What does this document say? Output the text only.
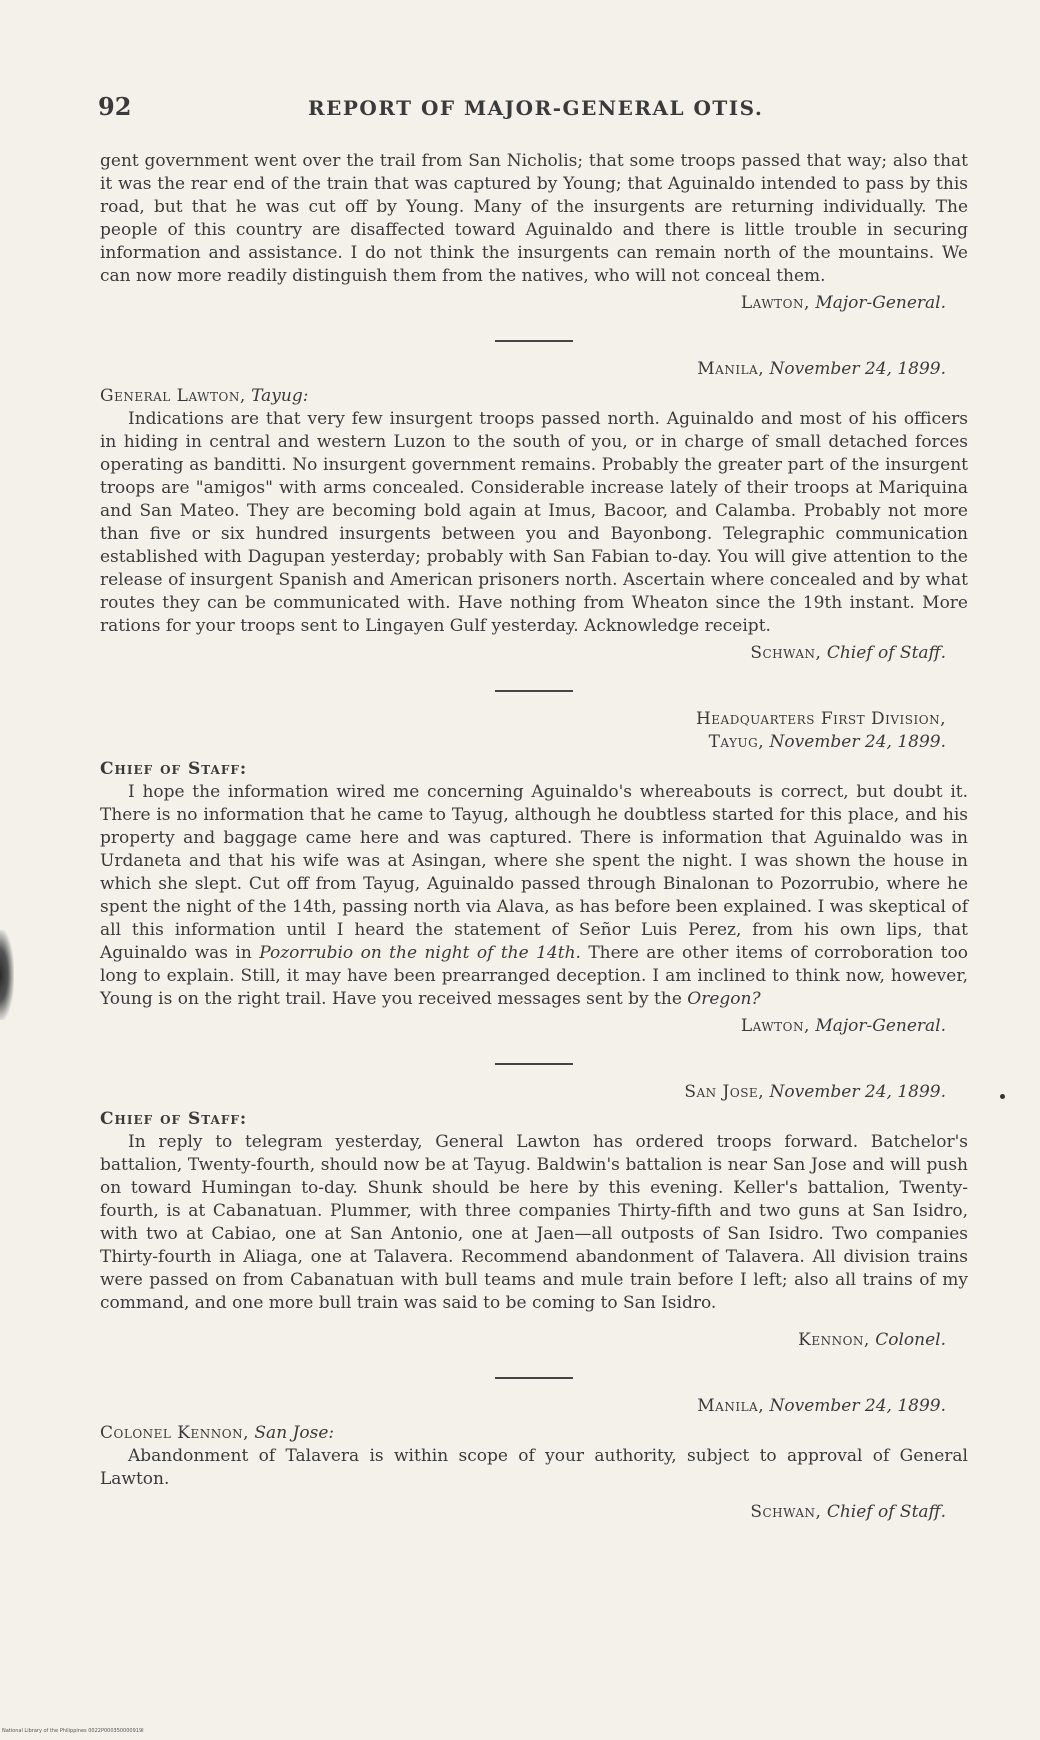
92	REPORT OF MAJOR-GENERAL OTIS.

gent government went over the trail from San Nicholis; that some troops passed that way; also that it was the rear end of the train that was captured by Young; that Aguinaldo intended to pass by this road, but that he was cut off by Young. Many of the insurgents are returning individually. The people of this country are disaffected toward Aguinaldo and there is little trouble in securing information and assistance. I do not think the insurgents can remain north of the mountains. We can now more readily distinguish them from the natives, who will not conceal them.

Lawton, Major-General.

Manila, November 24, 1899.

General Lawton, Tayug:

Indications are that very few insurgent troops passed north. Aguinaldo and most of his officers in hiding in central and western Luzon to the south of you, or in charge of small detached forces operating as banditti. No insurgent government remains. Probably the greater part of the insurgent troops are "amigos" with arms concealed. Considerable increase lately of their troops at Mariquina and San Mateo. They are becoming bold again at Imus, Bacoor, and Calamba. Probably not more than five or six hundred insurgents between you and Bayonbong. Telegraphic communication established with Dagupan yesterday; probably with San Fabian to-day. You will give attention to the release of insurgent Spanish and American prisoners north. Ascertain where concealed and by what routes they can be communicated with. Have nothing from Wheaton since the 19th instant. More rations for your troops sent to Lingayen Gulf yesterday. Acknowledge receipt.

Schwan, Chief of Staff.

Headquarters First Division,

Tayug, November 24, 1899.

Chief of Staff:

I hope the information wired me concerning Aguinaldo's whereabouts is correct, but doubt it. There is no information that he came to Tayug, although he doubtless started for this place, and his property and baggage came here and was captured. There is information that Aguinaldo was in Urdaneta and that his wife was at Asingan, where she spent the night. I was shown the house in which she slept. Cut off from Tayug, Aguinaldo passed through Binalonan to Pozorrubio, where he spent the night of the 14th, passing north via Alava, as has before been explained. I was skeptical of all this information until I heard the statement of Señor Luis Perez, from his own lips, that Aguinaldo was in Pozorrubio on the night of the 14th. There are other items of corroboration too long to explain. Still, it may have been prearranged deception. I am inclined to think now, however, Young is on the right trail. Have you received messages sent by the Oregon?

Lawton, Major-General.

San Jose, November 24, 1899.

Chief of Staff:

In reply to telegram yesterday, General Lawton has ordered troops forward. Batchelor's battalion, Twenty-fourth, should now be at Tayug. Baldwin's battalion is near San Jose and will push on toward Humingan to-day. Shunk should be here by this evening. Keller's battalion, Twenty-fourth, is at Cabanatuan. Plummer, with three companies Thirty-fifth and two guns at San Isidro, with two at Cabiao, one at San Antonio, one at Jaen—all outposts of San Isidro. Two companies Thirty-fourth in Aliaga, one at Talavera. Recommend abandonment of Talavera. All division trains were passed on from Cabanatuan with bull teams and mule train before I left; also all trains of my command, and one more bull train was said to be coming to San Isidro.

Kennon, Colonel.

Manila, November 24, 1899.

Colonel Kennon, San Jose:

Abandonment of Talavera is within scope of your authority, subject to approval of General Lawton.

Schwan, Chief of Staff.

National Library of the Philippines 0022P000350000919I
